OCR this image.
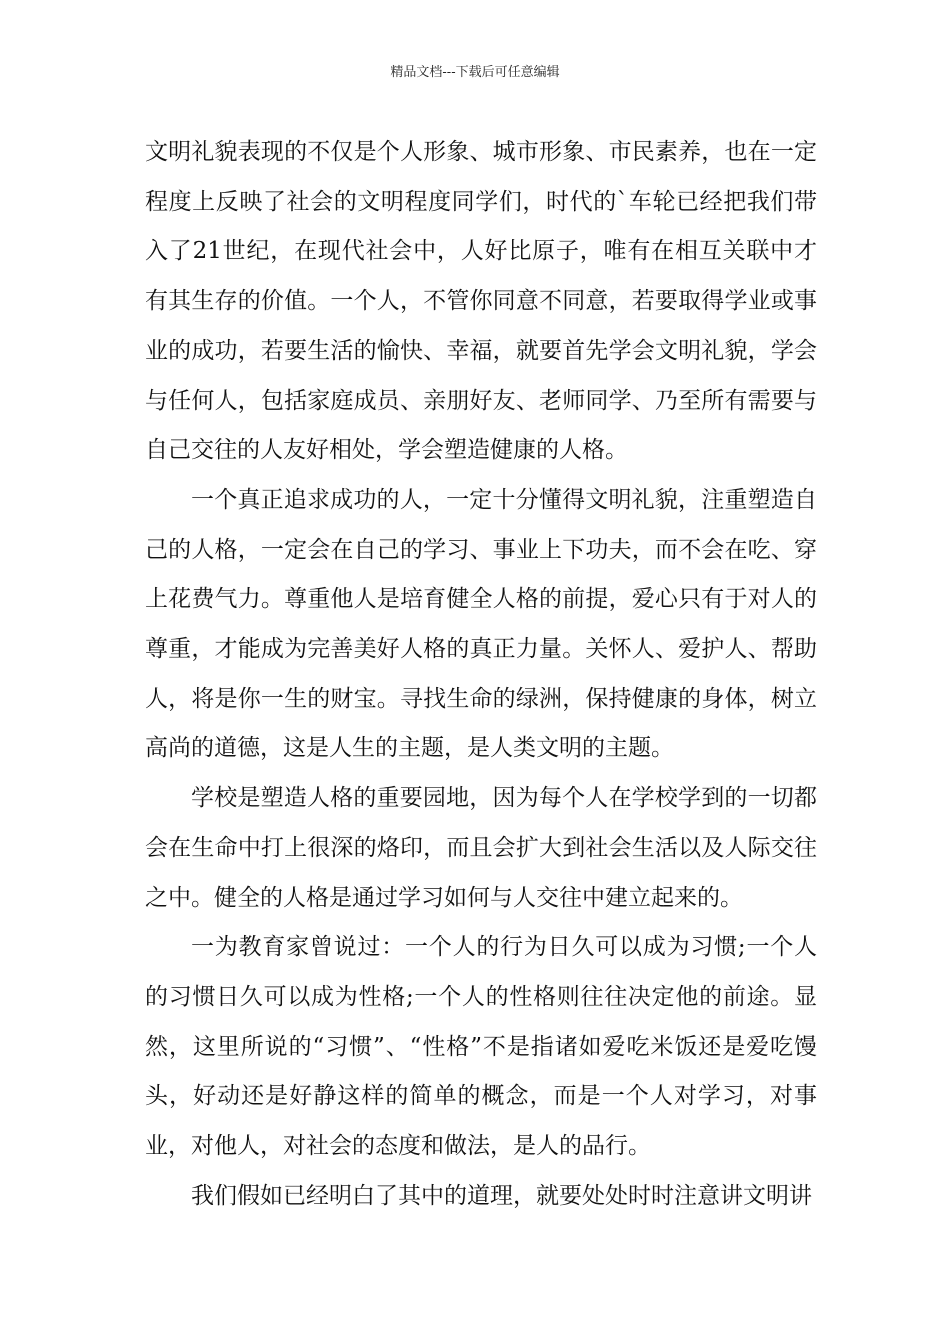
精品文档---下载后可任意编辑

文明礼貌表现的不仅是个人形象、城市形象、市民素养，也在一定程度上反映了社会的文明程度同学们，时代的`车轮已经把我们带入了21世纪，在现代社会中，人好比原子，唯有在相互关联中才有其生存的价值。一个人，不管你同意不同意，若要取得学业或事业的成功，若要生活的愉快、幸福，就要首先学会文明礼貌，学会与任何人，包括家庭成员、亲朋好友、老师同学、乃至所有需要与自己交往的人友好相处，学会塑造健康的人格。

一个真正追求成功的人，一定十分懂得文明礼貌，注重塑造自己的人格，一定会在自己的学习、事业上下功夫，而不会在吃、穿上花费气力。尊重他人是培育健全人格的前提，爱心只有于对人的尊重，才能成为完善美好人格的真正力量。关怀人、爱护人、帮助人，将是你一生的财宝。寻找生命的绿洲，保持健康的身体，树立高尚的道德，这是人生的主题，是人类文明的主题。

学校是塑造人格的重要园地，因为每个人在学校学到的一切都会在生命中打上很深的烙印，而且会扩大到社会生活以及人际交往之中。健全的人格是通过学习如何与人交往中建立起来的。

一为教育家曾说过：一个人的行为日久可以成为习惯;一个人的习惯日久可以成为性格;一个人的性格则往往决定他的前途。显然，这里所说的“习惯”、“性格”不是指诸如爱吃米饭还是爱吃馒头，好动还是好静这样的简单的概念，而是一个人对学习，对事业，对他人，对社会的态度和做法，是人的品行。

我们假如已经明白了其中的道理，就要处处时时注意讲文明讲
